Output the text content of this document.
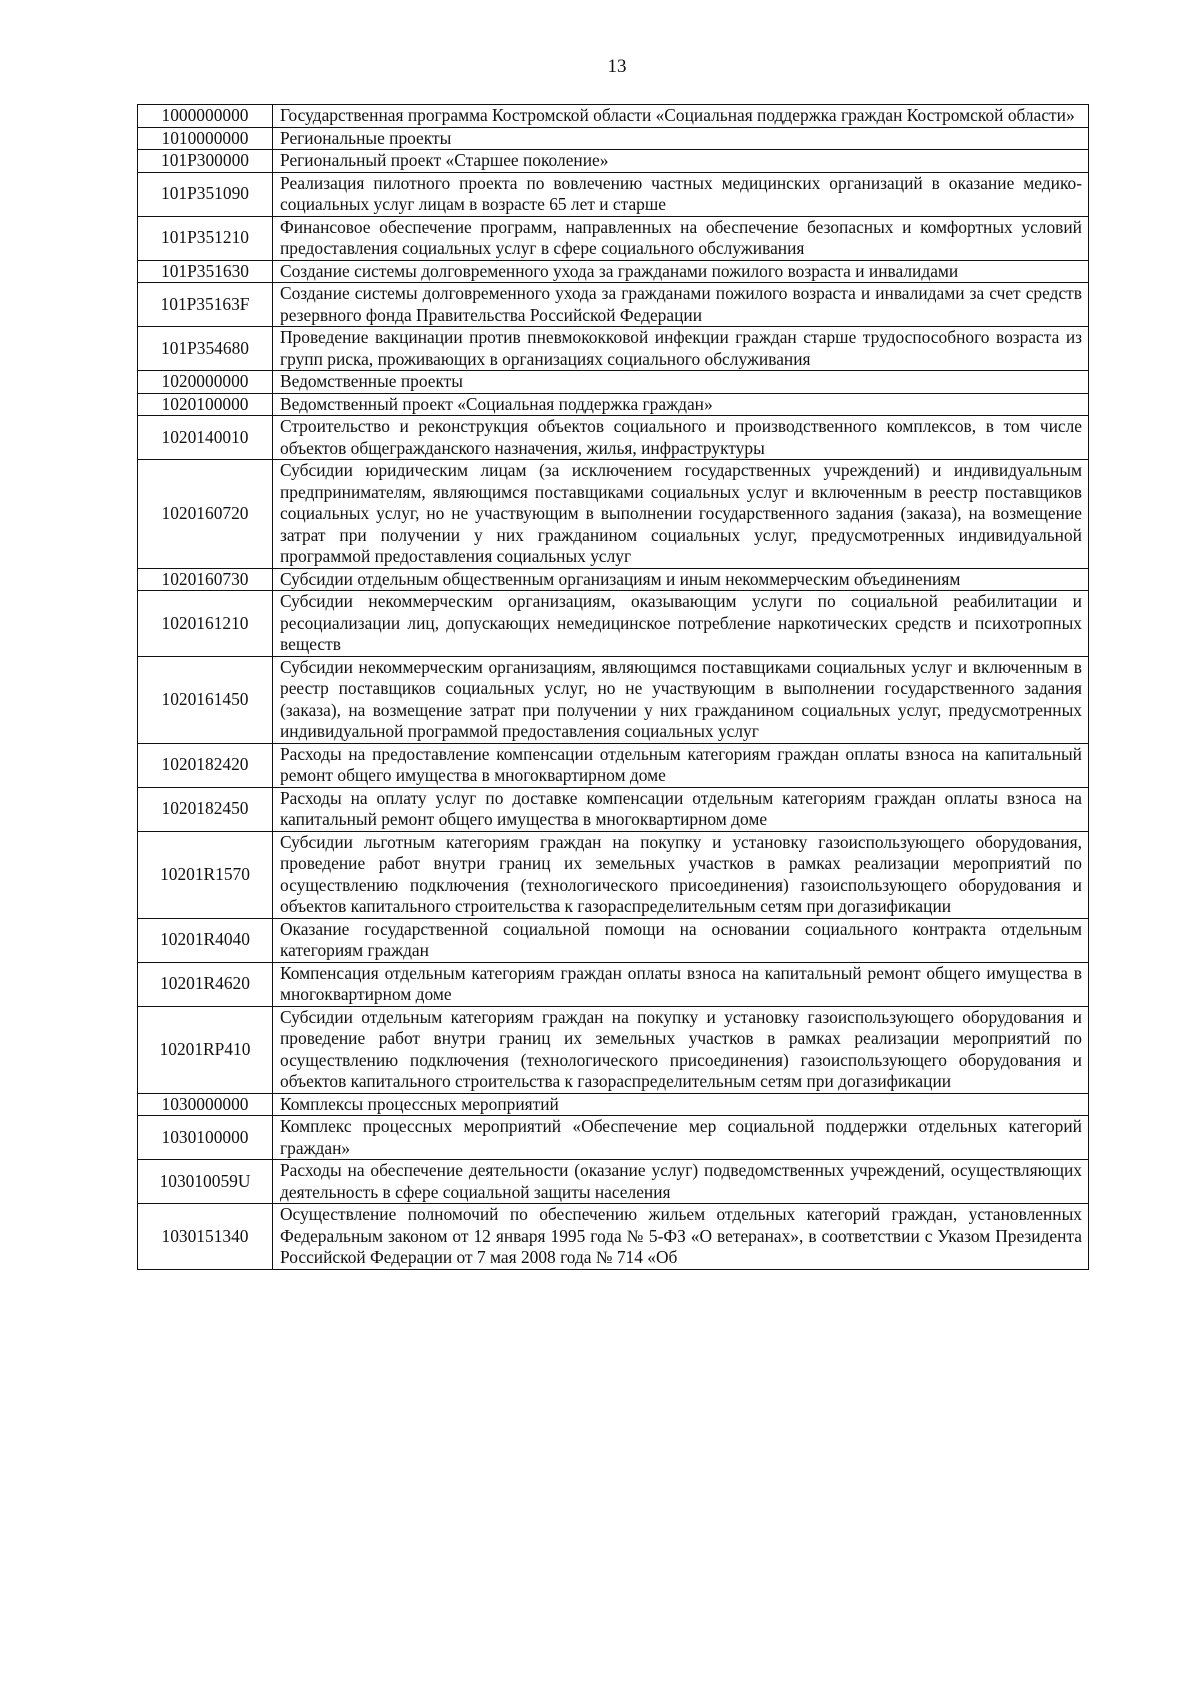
13
1000000000	Государственная программа Костромской области «Социальная поддержка граждан Костромской области»
1010000000	Региональные проекты
101P300000	Региональный проект «Старшее поколение»
101P351090	Реализация пилотного проекта по вовлечению частных медицинских организаций в оказание медико-социальных услуг лицам в возрасте 65 лет и старше
101P351210	Финансовое обеспечение программ, направленных на обеспечение безопасных и комфортных условий предоставления социальных услуг в сфере социального обслуживания
101P351630	Создание системы долговременного ухода за гражданами пожилого возраста и инвалидами
101P35163F	Создание системы долговременного ухода за гражданами пожилого возраста и инвалидами за счет средств резервного фонда Правительства Российской Федерации
101P354680	Проведение вакцинации против пневмококковой инфекции граждан старше трудоспособного возраста из групп риска, проживающих в организациях социального обслуживания
1020000000	Ведомственные проекты
1020100000	Ведомственный проект «Социальная поддержка граждан»
1020140010	Строительство и реконструкция объектов социального и производственного комплексов, в том числе объектов общегражданского назначения, жилья, инфраструктуры
1020160720	Субсидии юридическим лицам (за исключением государственных учреждений) и индивидуальным предпринимателям, являющимся поставщиками социальных услуг и включенным в реестр поставщиков социальных услуг, но не участвующим в выполнении государственного задания (заказа), на возмещение затрат при получении у них гражданином социальных услуг, предусмотренных индивидуальной программой предоставления социальных услуг
1020160730	Субсидии отдельным общественным организациям и иным некоммерческим объединениям
1020161210	Субсидии некоммерческим организациям, оказывающим услуги по социальной реабилитации и ресоциализации лиц, допускающих немедицинское потребление наркотических средств и психотропных веществ
1020161450	Субсидии некоммерческим организациям, являющимся поставщиками социальных услуг и включенным в реестр поставщиков социальных услуг, но не участвующим в выполнении государственного задания (заказа), на возмещение затрат при получении у них гражданином социальных услуг, предусмотренных индивидуальной программой предоставления социальных услуг
1020182420	Расходы на предоставление компенсации отдельным категориям граждан оплаты взноса на капитальный ремонт общего имущества в многоквартирном доме
1020182450	Расходы на оплату услуг по доставке компенсации отдельным категориям граждан оплаты взноса на капитальный ремонт общего имущества в многоквартирном доме
10201R1570	Субсидии льготным категориям граждан на покупку и установку газоиспользующего оборудования, проведение работ внутри границ их земельных участков в рамках реализации мероприятий по осуществлению подключения (технологического присоединения) газоиспользующего оборудования и объектов капитального строительства к газораспределительным сетям при догазификации
10201R4040	Оказание государственной социальной помощи на основании социального контракта отдельным категориям граждан
10201R4620	Компенсация отдельным категориям граждан оплаты взноса на капитальный ремонт общего имущества в многоквартирном доме
10201RP410	Субсидии отдельным категориям граждан на покупку и установку газоиспользующего оборудования и проведение работ внутри границ их земельных участков в рамках реализации мероприятий по осуществлению подключения (технологического присоединения) газоиспользующего оборудования и объектов капитального строительства к газораспределительным сетям при догазификации
1030000000	Комплексы процессных мероприятий
1030100000	Комплекс процессных мероприятий «Обеспечение мер социальной поддержки отдельных категорий граждан»
103010059U	Расходы на обеспечение деятельности (оказание услуг) подведомственных учреждений, осуществляющих деятельность в сфере социальной защиты населения
1030151340	Осуществление полномочий по обеспечению жильем отдельных категорий граждан, установленных Федеральным законом от 12 января 1995 года № 5-ФЗ «О ветеранах», в соответствии с Указом Президента Российской Федерации от 7 мая 2008 года № 714 «Об
